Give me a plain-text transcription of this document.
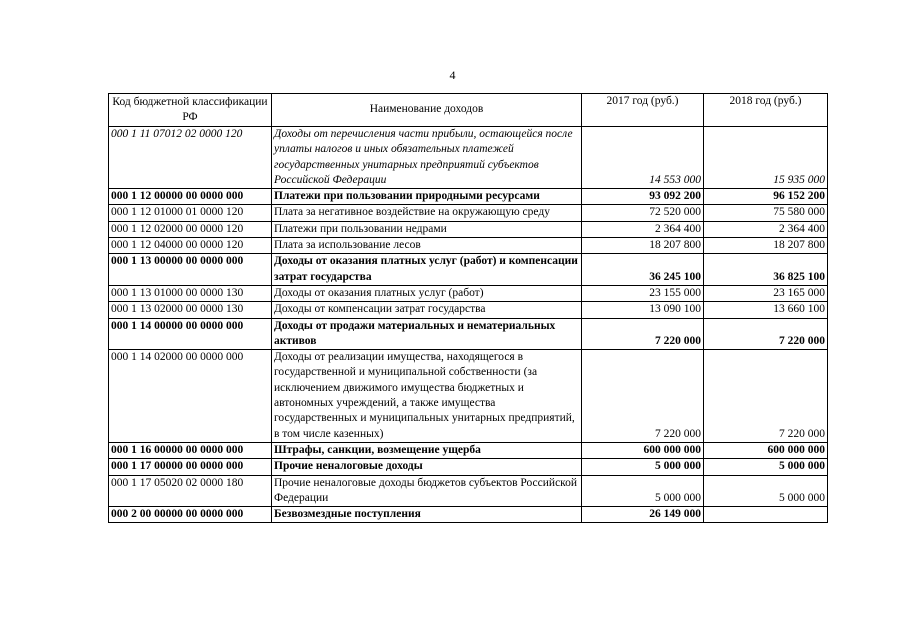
4
Код бюджетной классификации РФ	Наименование доходов	2017 год (руб.)	2018 год (руб.)
000 1 11 07012 02 0000 120	Доходы от перечисления части прибыли, остающейся после уплаты налогов и иных обязательных платежей государственных унитарных предприятий субъектов Российской Федерации	14 553 000	15 935 000
000 1 12 00000 00 0000 000	Платежи при пользовании природными ресурсами	93 092 200	96 152 200
000 1 12 01000 01 0000 120	Плата за негативное воздействие на окружающую среду	72 520 000	75 580 000
000 1 12 02000 00 0000 120	Платежи при пользовании недрами	2 364 400	2 364 400
000 1 12 04000 00 0000 120	Плата за использование лесов	18 207 800	18 207 800
000 1 13 00000 00 0000 000	Доходы от оказания платных услуг (работ) и компенсации затрат государства	36 245 100	36 825 100
000 1 13 01000 00 0000 130	Доходы от оказания платных услуг (работ)	23 155 000	23 165 000
000 1 13 02000 00 0000 130	Доходы от компенсации затрат государства	13 090 100	13 660 100
000 1 14 00000 00 0000 000	Доходы от продажи материальных и нематериальных активов	7 220 000	7 220 000
000 1 14 02000 00 0000 000	Доходы от реализации имущества, находящегося в государственной и муниципальной собственности (за исключением движимого имущества бюджетных и автономных учреждений, а также имущества государственных и муниципальных унитарных предприятий, в том числе казенных)	7 220 000	7 220 000
000 1 16 00000 00 0000 000	Штрафы, санкции, возмещение ущерба	600 000 000	600 000 000
000 1 17 00000 00 0000 000	Прочие неналоговые доходы	5 000 000	5 000 000
000 1 17 05020 02 0000 180	Прочие неналоговые доходы бюджетов субъектов Российской Федерации	5 000 000	5 000 000
000 2 00 00000 00 0000 000	Безвозмездные поступления	26 149 000	
